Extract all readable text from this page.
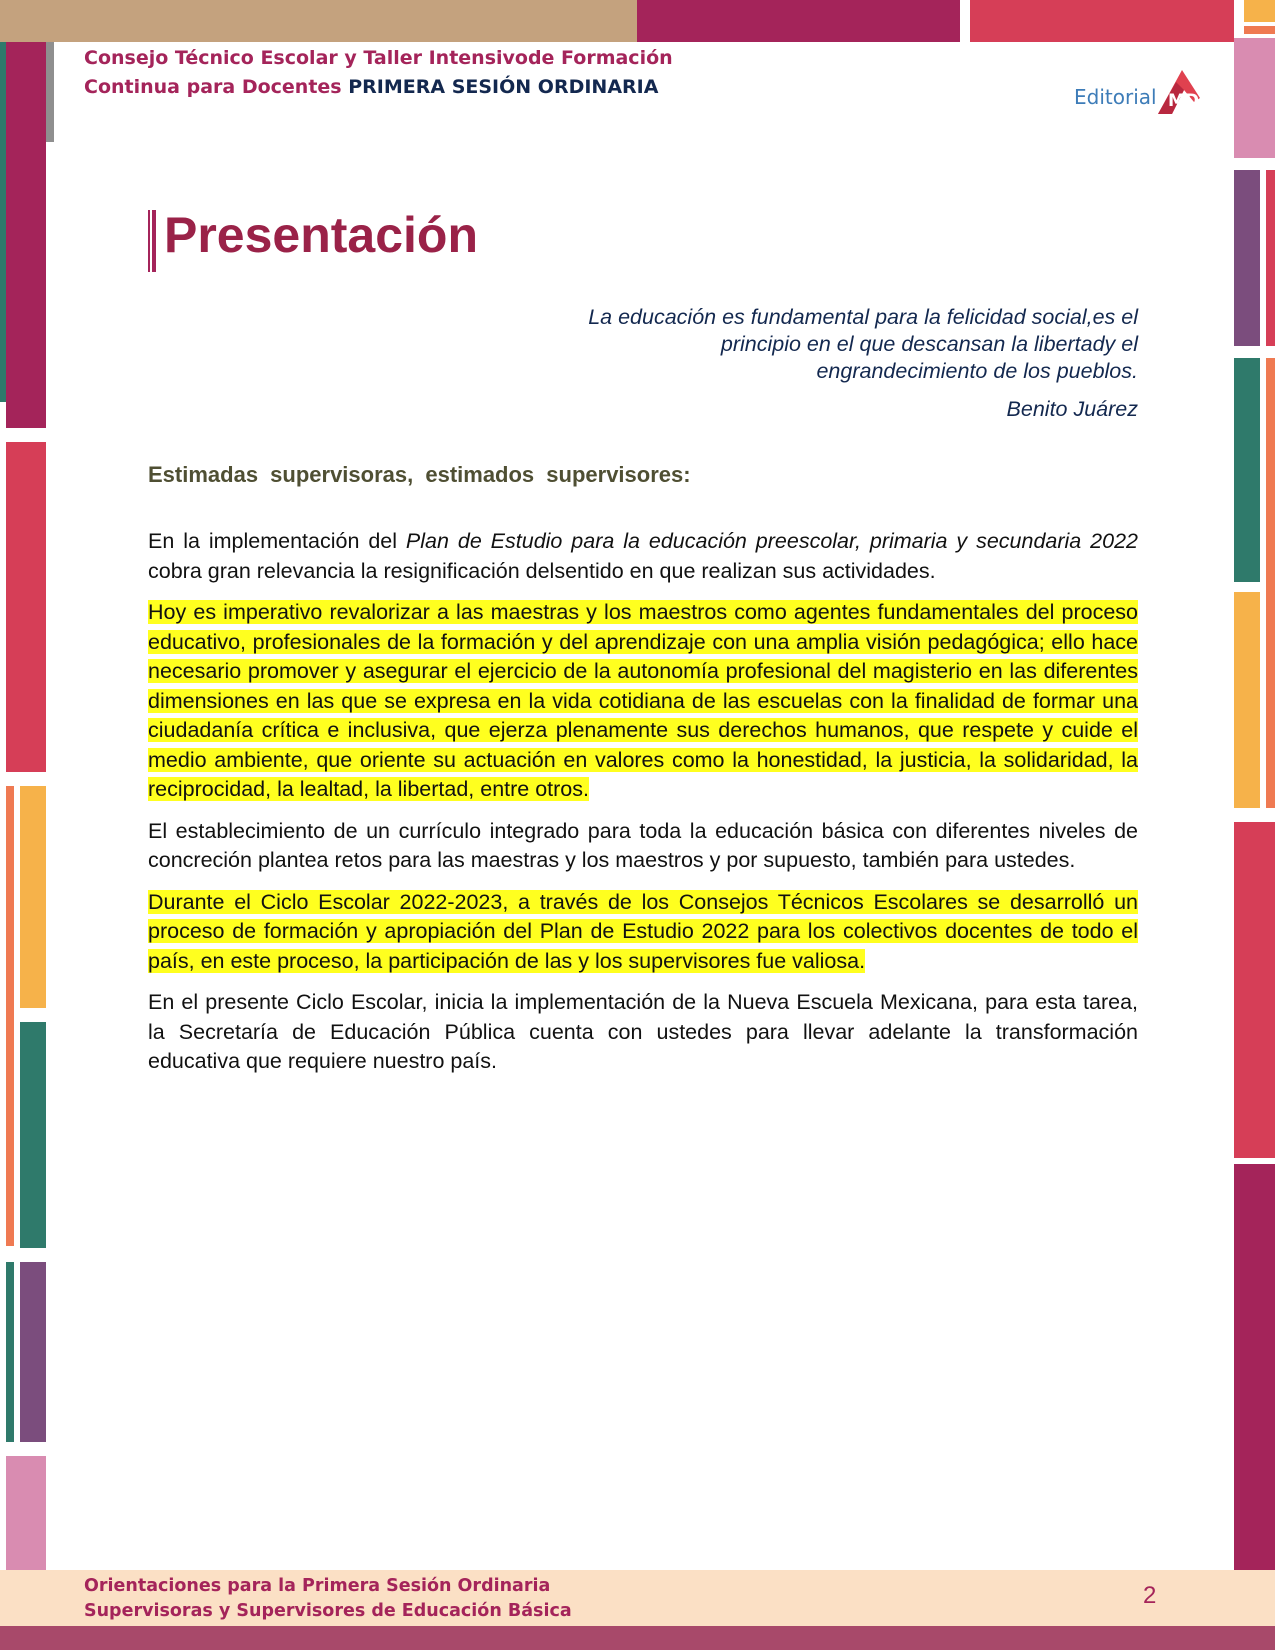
Consejo Técnico Escolar y Taller Intensivode Formación
Continua para Docentes PRIMERA SESIÓN ORDINARIA	Editorial MD
Presentación

La educación es fundamental para la felicidad social,es el

principio en el que descansan la libertady el

engrandecimiento de los pueblos.

Benito Juárez

Estimadas supervisoras, estimados supervisores:

En la implementación del Plan de Estudio para la educación preescolar, primaria y secundaria 2022 cobra gran relevancia la resignificación delsentido en que realizan sus actividades.

Hoy es imperativo revalorizar a las maestras y los maestros como agentes fundamentales del proceso educativo, profesionales de la formación y del aprendizaje con una amplia visión pedagógica; ello hace necesario promover y asegurar el ejercicio de la autonomía profesional del magisterio en las diferentes dimensiones en las que se expresa en la vida cotidiana de las escuelas con la finalidad de formar una ciudadanía crítica e inclusiva, que ejerza plenamente sus derechos humanos, que respete y cuide el medio ambiente, que oriente su actuación en valores como la honestidad, la justicia, la solidaridad, la reciprocidad, la lealtad, la libertad, entre otros.

El establecimiento de un currículo integrado para toda la educación básica con diferentes niveles de concreción plantea retos para las maestras y los maestros y por supuesto, también para ustedes.

Durante el Ciclo Escolar 2022-2023, a través de los Consejos Técnicos Escolares se desarrolló un proceso de formación y apropiación del Plan de Estudio 2022 para los colectivos docentes de todo el país, en este proceso, la participación de las y los supervisores fue valiosa.

En el presente Ciclo Escolar, inicia la implementación de la Nueva Escuela Mexicana, para esta tarea, la Secretaría de Educación Pública cuenta con ustedes para llevar adelante la transformación educativa que requiere nuestro país.

Orientaciones para la Primera Sesión Ordinaria
Supervisoras y Supervisores de Educación Básica
2
